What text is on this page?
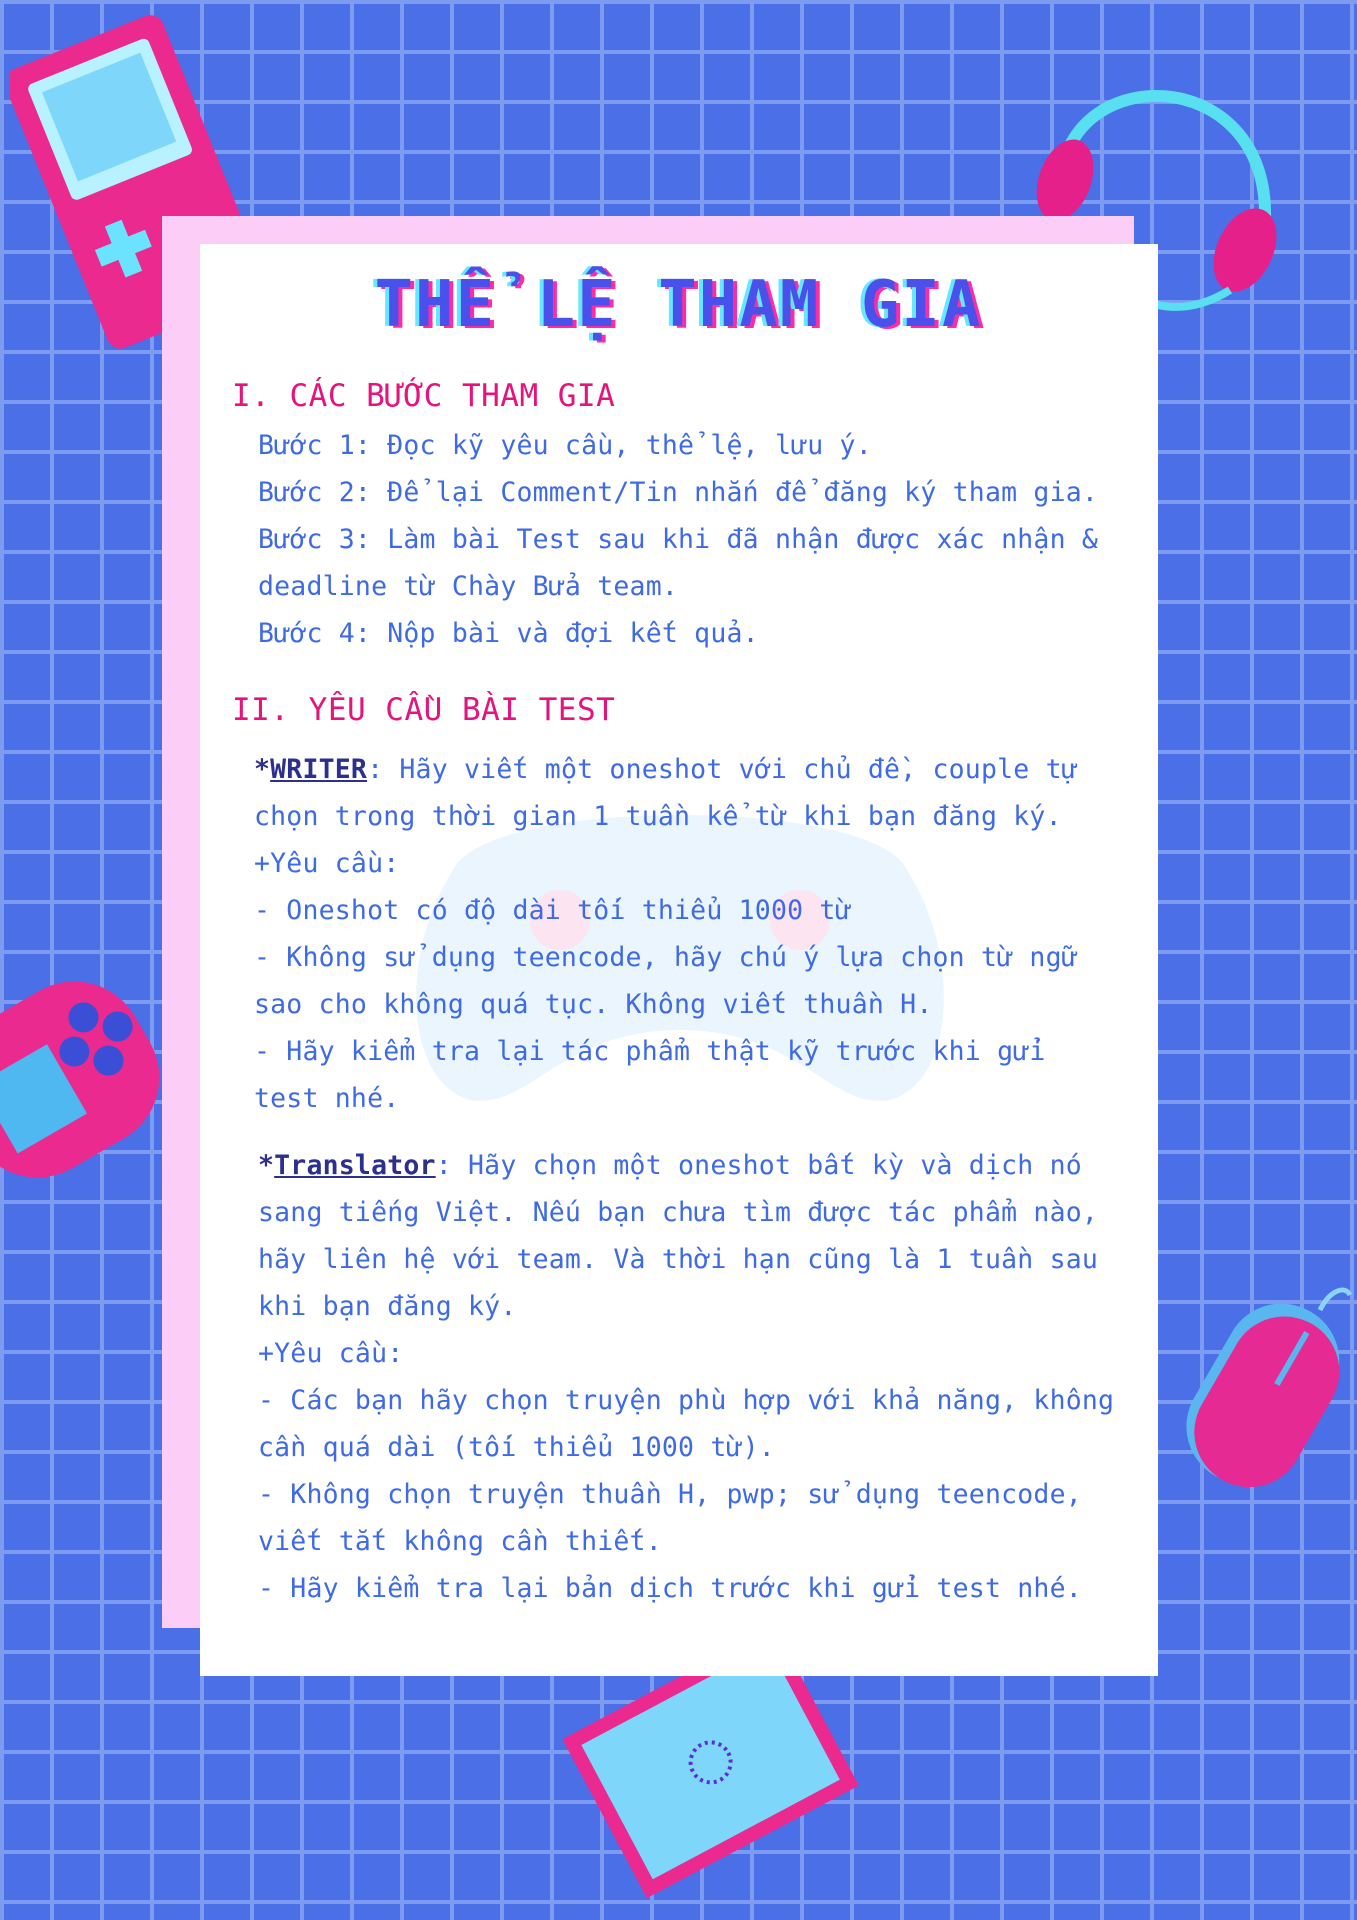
THỂ LỆ THAM GIA
I. CÁC BƯỚC THAM GIA
Bước 1: Đọc kỹ yêu cầu, thể lệ, lưu ý.
Bước 2: Để lại Comment/Tin nhắn để đăng ký tham gia.
Bước 3: Làm bài Test sau khi đã nhận được xác nhận &
deadline từ Chày Bửa team.
Bước 4: Nộp bài và đợi kết quả.
II. YÊU CẦU BÀI TEST
*WRITER: Hãy viết một oneshot với chủ đề, couple tự
chọn trong thời gian 1 tuần kể từ khi bạn đăng ký.
+Yêu cầu:
- Oneshot có độ dài tối thiểu 1000 từ
- Không sử dụng teencode, hãy chú ý lựa chọn từ ngữ
sao cho không quá tục. Không viết thuần H.
- Hãy kiểm tra lại tác phẩm thật kỹ trước khi gửi
test nhé.
*Translator: Hãy chọn một oneshot bất kỳ và dịch nó
sang tiếng Việt. Nếu bạn chưa tìm được tác phẩm nào,
hãy liên hệ với team. Và thời hạn cũng là 1 tuần sau
khi bạn đăng ký.
+Yêu cầu:
- Các bạn hãy chọn truyện phù hợp với khả năng, không
cần quá dài (tối thiểu 1000 từ).
- Không chọn truyện thuần H, pwp; sử dụng teencode,
viết tắt không cần thiết.
- Hãy kiểm tra lại bản dịch trước khi gửi test nhé.
